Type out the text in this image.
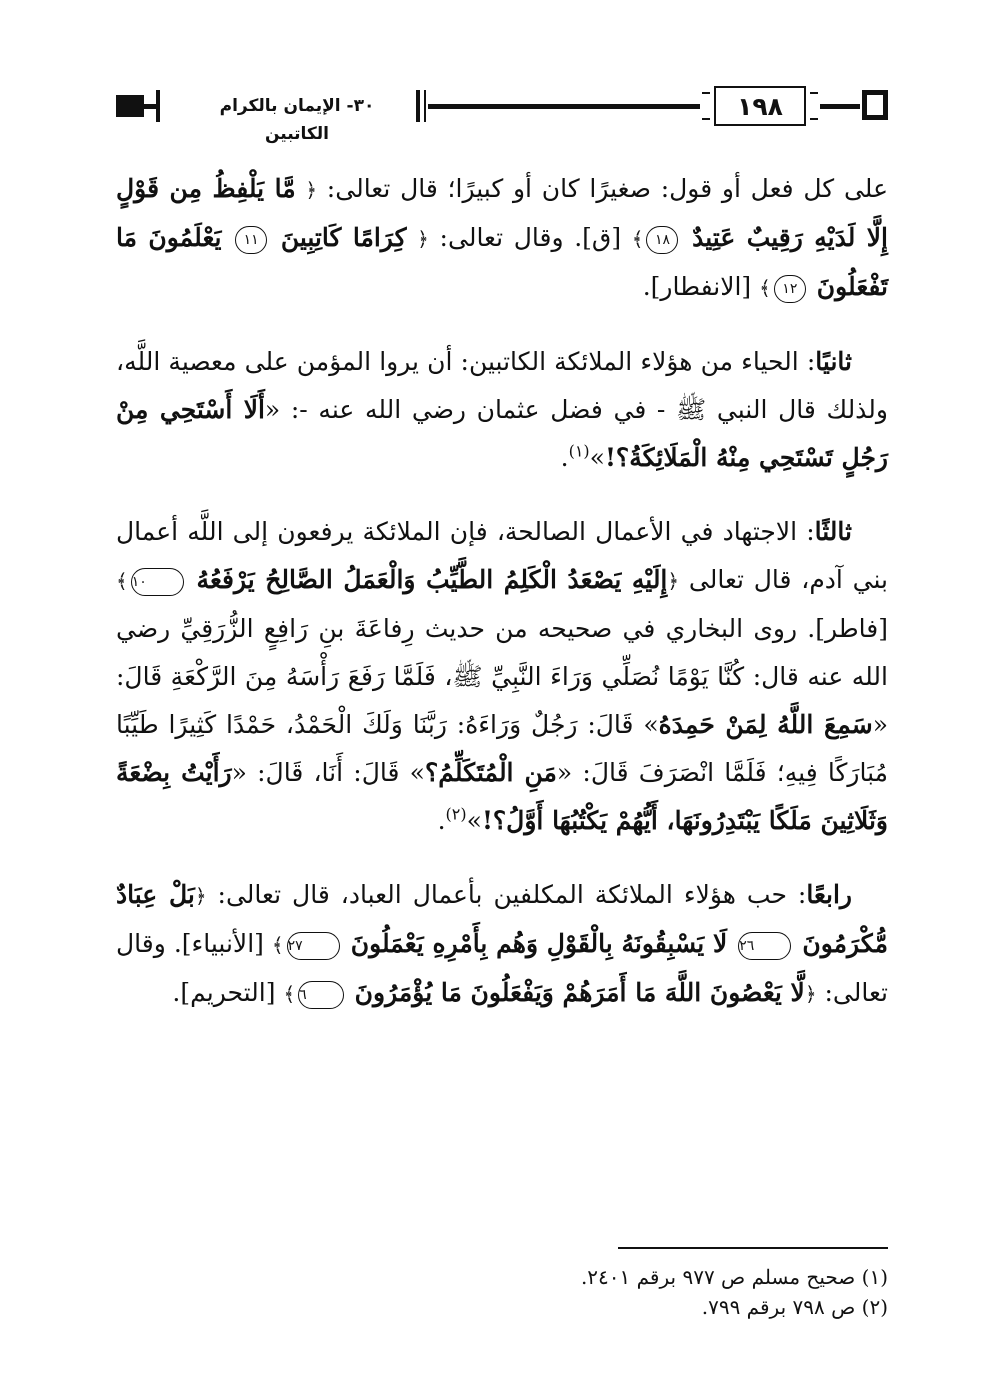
٣٠- الإيمان بالكرام الكاتبين
١٩٨

على كل فعل أو قول: صغيرًا كان أو كبيرًا؛ قال تعالى: ﴿ مَّا يَلْفِظُ مِن قَوْلٍ إِلَّا لَدَيْهِ رَقِيبٌ عَتِيدٌ ١٨﴾ [ق]. وقال تعالى: ﴿ كِرَامًا كَاتِبِينَ ١١ يَعْلَمُونَ مَا تَفْعَلُونَ ١٢﴾ [الانفطار].

ثانيًا: الحياء من هؤلاء الملائكة الكاتبين: أن يروا المؤمن على معصية اللَّه، ولذلك قال النبي ﷺ - في فضل عثمان رضي الله عنه -: «أَلَا أَسْتَحِي مِنْ رَجُلٍ تَسْتَحِي مِنْهُ الْمَلَائِكَةُ؟!»$^{(١)}$.

ثالثًا: الاجتهاد في الأعمال الصالحة، فإن الملائكة يرفعون إلى اللَّه أعمال بني آدم، قال تعالى ﴿إِلَيْهِ يَصْعَدُ الْكَلِمُ الطَّيِّبُ وَالْعَمَلُ الصَّالِحُ يَرْفَعُهُ ١٠﴾ [فاطر]. روى البخاري في صحيحه من حديث رِفاعَةَ بنِ رَافِعٍ الزُّرَقِيِّ رضي الله عنه قال: كُنَّا يَوْمًا نُصَلِّي وَرَاءَ النَّبِيِّ ﷺ، فَلَمَّا رَفَعَ رَأْسَهُ مِنَ الرَّكْعَةِ قَالَ: «سَمِعَ اللَّهُ لِمَنْ حَمِدَهُ» قَالَ: رَجُلٌ وَرَاءَهُ: رَبَّنَا وَلَكَ الْحَمْدُ، حَمْدًا كَثِيرًا طَيِّبًا مُبَارَكًا فِيهِ؛ فَلَمَّا انْصَرَفَ قَالَ: «مَنِ الْمُتَكَلِّمُ؟» قَالَ: أَنَا، قَالَ: «رَأَيْتُ بِضْعَةً وَثَلَاثِينَ مَلَكًا يَبْتَدِرُونَهَا، أَيُّهُمْ يَكْتُبُهَا أَوَّلُ؟!»$^{(٢)}$.

رابعًا: حب هؤلاء الملائكة المكلفين بأعمال العباد، قال تعالى: ﴿بَلْ عِبَادٌ مُّكْرَمُونَ ٢٦ لَا يَسْبِقُونَهُ بِالْقَوْلِ وَهُم بِأَمْرِهِ يَعْمَلُونَ ٢٧﴾ [الأنبياء]. وقال تعالى: ﴿لَّا يَعْصُونَ اللَّهَ مَا أَمَرَهُمْ وَيَفْعَلُونَ مَا يُؤْمَرُونَ ٦﴾ [التحريم].

(١) صحيح مسلم ص ٩٧٧ برقم ٢٤٠١.
(٢) ص ٧٩٨ برقم ٧٩٩.
